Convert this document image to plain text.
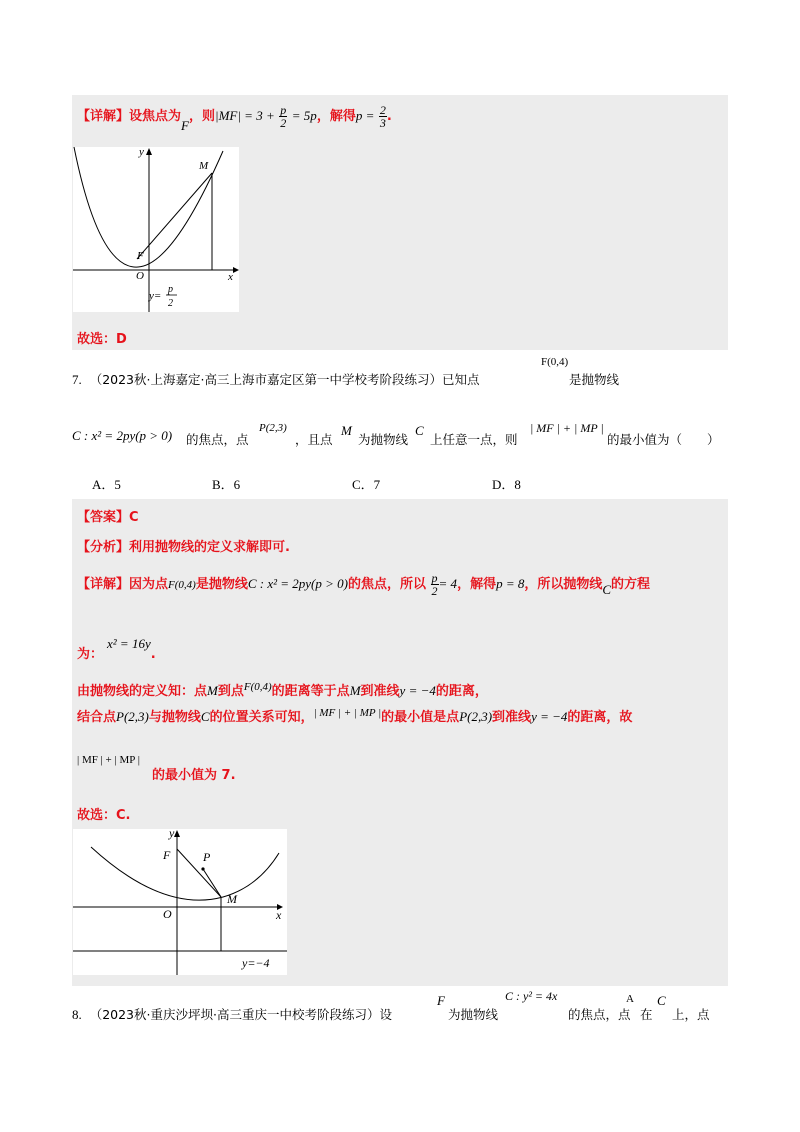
【详解】设焦点为F，则$|MF| = 3 + \frac{p}{2} = 5p$，解得$p = \frac{2}{3}$ .
y
x
M
F
O
y=
p
2
故选：D
7. （2023秋·上海嘉定·高三上海市嘉定区第一中学校考阶段练习）已知点
F(0,4)
是抛物线
C : x² = 2py(p > 0) 的焦点，点
P(2,3)
，且点
M
为抛物线
C
上任意一点，则
| MF | + | MP |
的最小值为（　　）
A．5	B．6	C．7	D．8
【答案】C
【分析】利用抛物线的定义求解即可.
【详解】因为点F(0,4)是抛物线C : x² = 2py(p > 0)的焦点，所以 $\frac{p}{2} = 4$，解得p = 8，所以抛物线C的方程
为：x² = 16y.
由抛物线的定义知：点M到点$^{F(0,4)}$的距离等于点M到准线y = −4的距离，
结合点P(2,3)与抛物线C的位置关系可知，$^{| MF | + | MP |}$的最小值是点P(2,3)到准线y = −4的距离，故
| MF | + | MP |
的最小值为 7.
故选：C.
y
x
F	P
M
O
y=−4
8. （2023秋·重庆沙坪坝·高三重庆一中校考阶段练习）设
F
为抛物线
C : y² = 4x
的焦点，点
A
在
C
上，点
